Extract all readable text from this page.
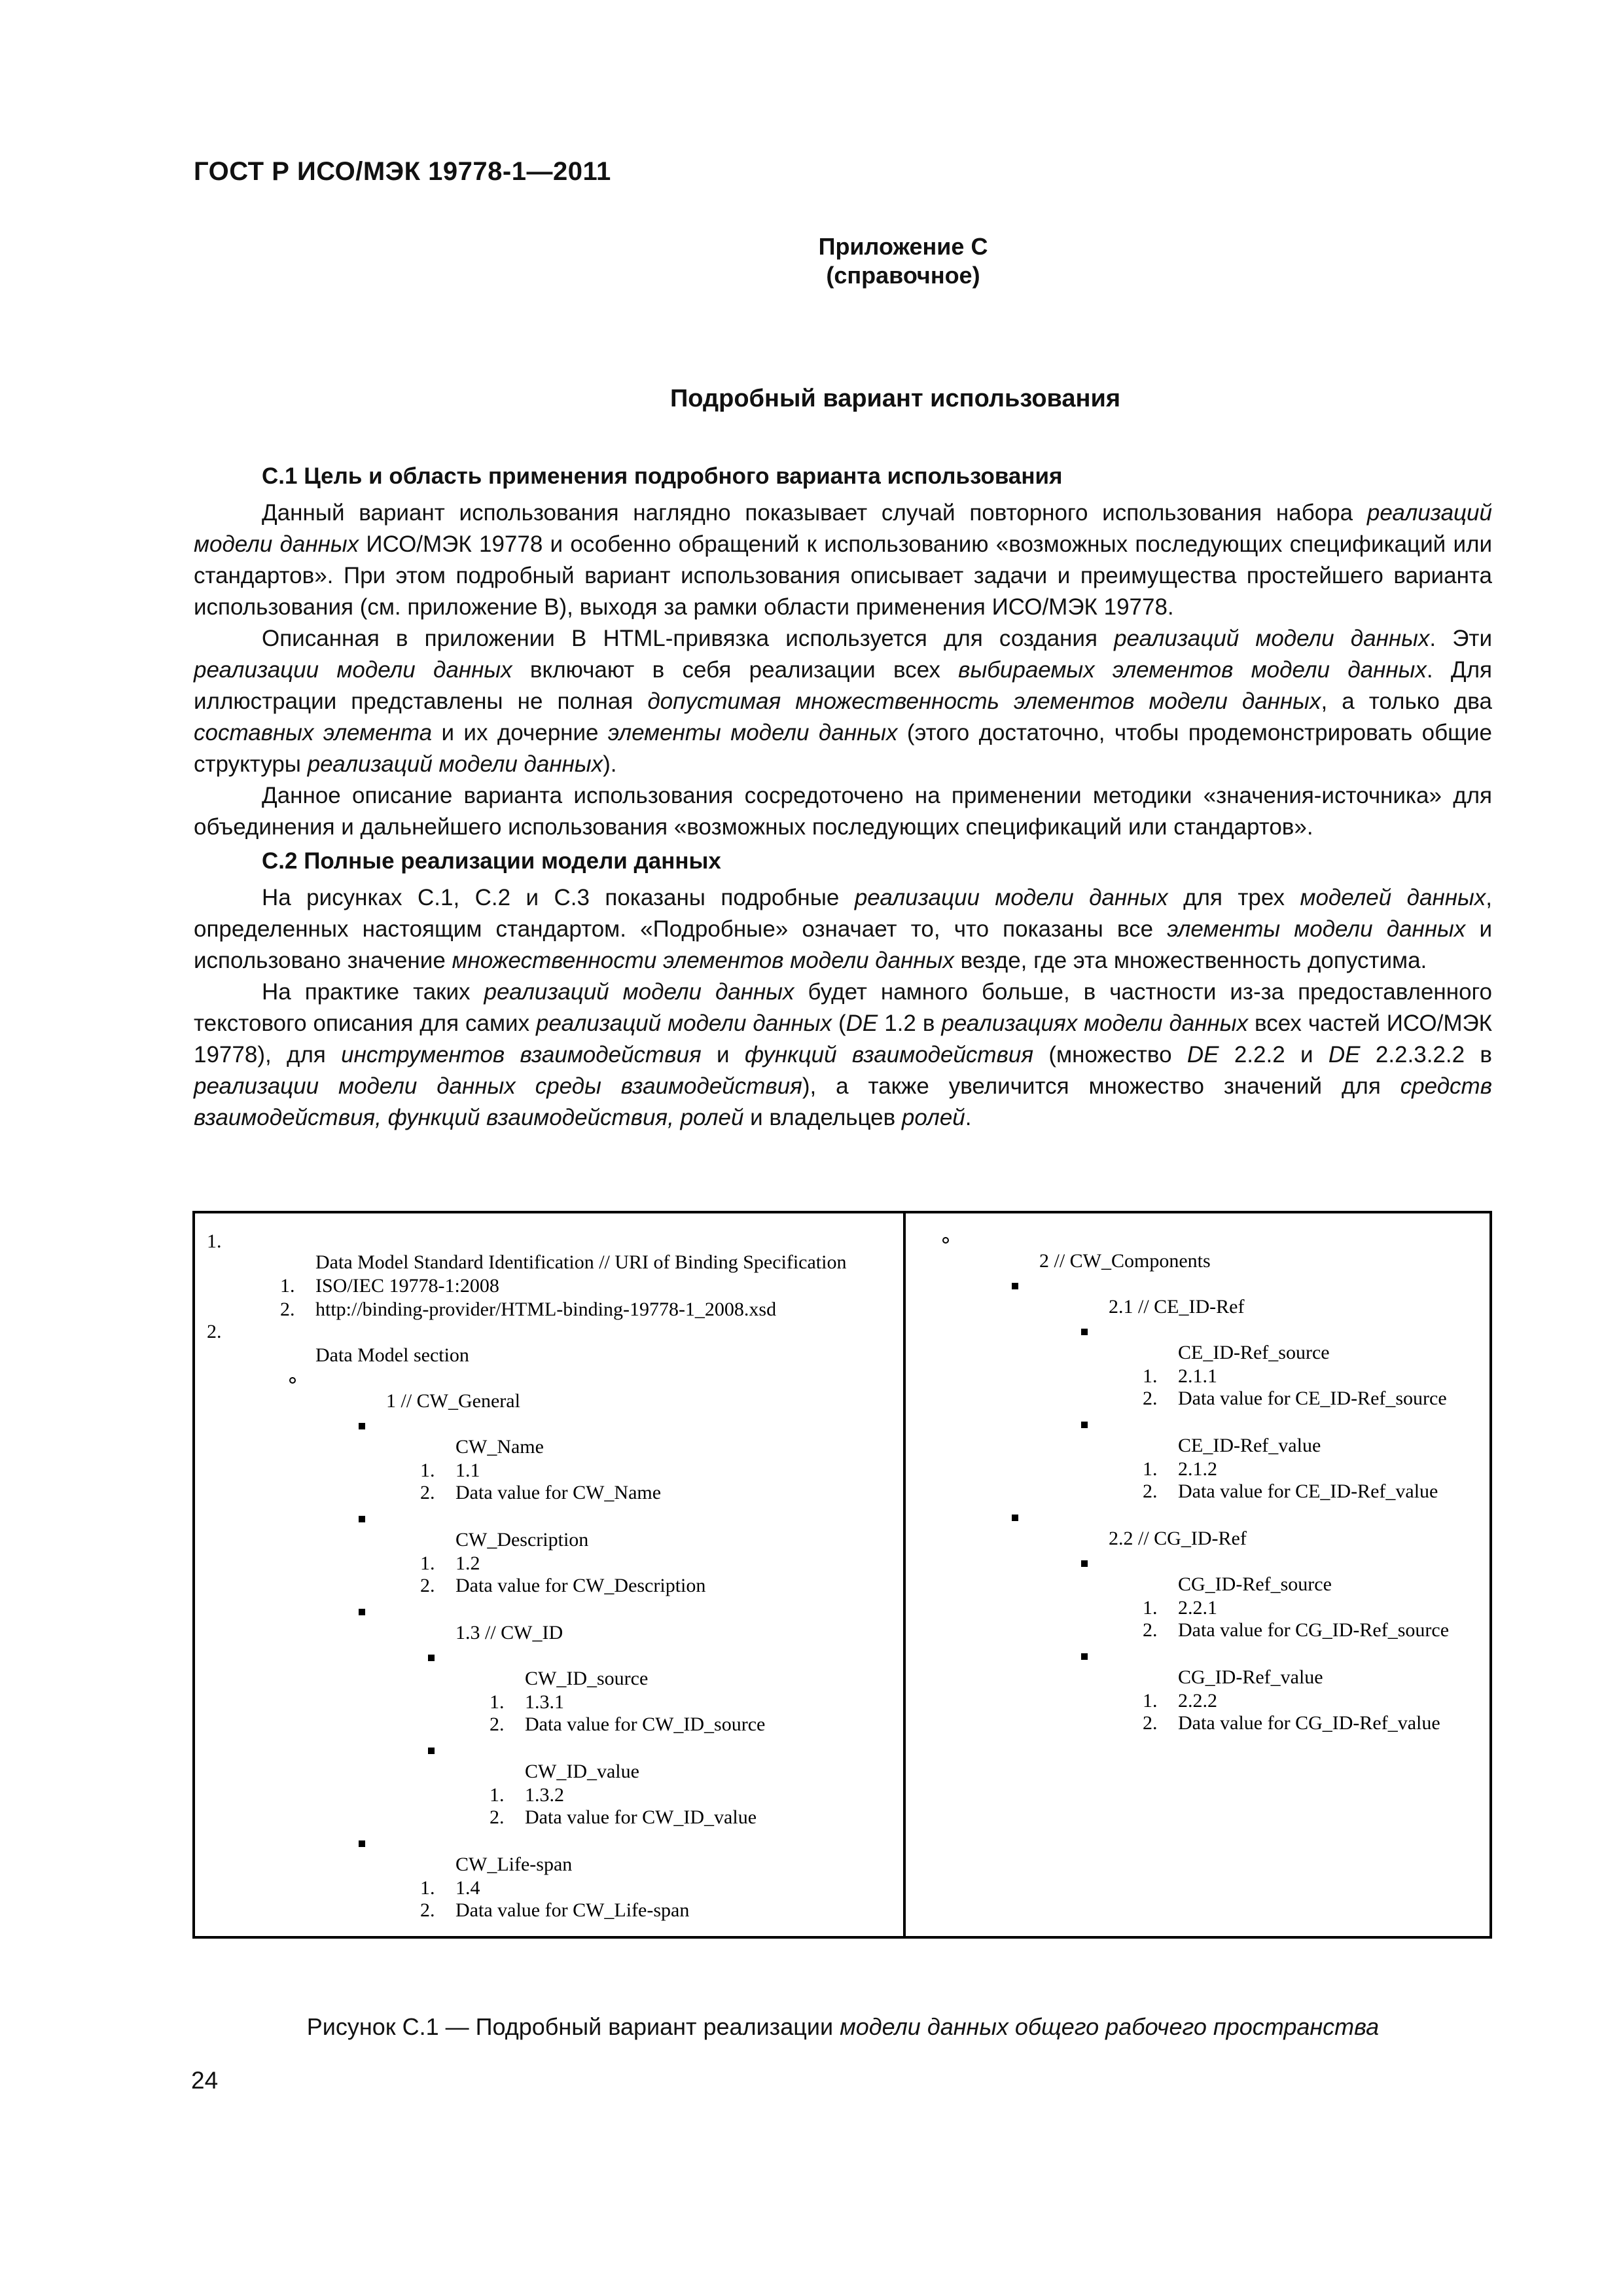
ГОСТ Р ИСО/МЭК 19778-1—2011
Приложение С
(справочное)
Подробный вариант использования
С.1 Цель и область применения подробного варианта использования

Данный вариант использования наглядно показывает случай повторного использования набора реализаций модели данных ИСО/МЭК 19778 и особенно обращений к использованию «возможных последующих спецификаций или стандартов». При этом подробный вариант использования описывает задачи и преимущества простейшего варианта использования (см. приложение В), выходя за рамки области применения ИСО/МЭК 19778.

Описанная в приложении В HTML-привязка используется для создания реализаций модели данных. Эти реализации модели данных включают в себя реализации всех выбираемых элементов модели данных. Для иллюстрации представлены не полная допустимая множественность элементов модели данных, а только два составных элемента и их дочерние элементы модели данных (этого достаточно, чтобы продемонстрировать общие структуры реализаций модели данных).

Данное описание варианта использования сосредоточено на применении методики «значения-источника» для объединения и дальнейшего использования «возможных последующих спецификаций или стандартов».

С.2 Полные реализации модели данных

На рисунках С.1, С.2 и С.3 показаны подробные реализации модели данных для трех моделей данных, определенных настоящим стандартом. «Подробные» означает то, что показаны все элементы модели данных и использовано значение множественности элементов модели данных везде, где эта множественность допустима.

На практике таких реализаций модели данных будет намного больше, в частности из-за предоставленного текстового описания для самих реализаций модели данных (DE 1.2 в реализациях модели данных всех частей ИСО/МЭК 19778), для инструментов взаимодействия и функций взаимодействия (множество DE 2.2.2 и DE 2.2.3.2.2 в реализации модели данных среды взаимодействия), а также увеличится множество значений для средств взаимодействия, функций взаимодействия, ролей и владельцев ролей.

1.
Data Model Standard Identification // URI of Binding Specification
1. ISO/IEC 19778-1:2008
2. http://binding-provider/HTML-binding-19778-1_2008.xsd
2.
Data Model section
1 // CW_General
CW_Name
1. 1.1
2. Data value for CW_Name
CW_Description
1. 1.2
2. Data value for CW_Description
1.3 // CW_ID
CW_ID_source
1. 1.3.1
2. Data value for CW_ID_source
CW_ID_value
1. 1.3.2
2. Data value for CW_ID_value
CW_Life-span
1. 1.4
2. Data value for CW_Life-span
2 // CW_Components
2.1 // CE_ID-Ref
CE_ID-Ref_source
1. 2.1.1
2. Data value for CE_ID-Ref_source
CE_ID-Ref_value
1. 2.1.2
2. Data value for CE_ID-Ref_value
2.2 // CG_ID-Ref
CG_ID-Ref_source
1. 2.2.1
2. Data value for CG_ID-Ref_source
CG_ID-Ref_value
1. 2.2.2
2. Data value for CG_ID-Ref_value
Рисунок С.1 — Подробный вариант реализации модели данных общего рабочего пространства
24
